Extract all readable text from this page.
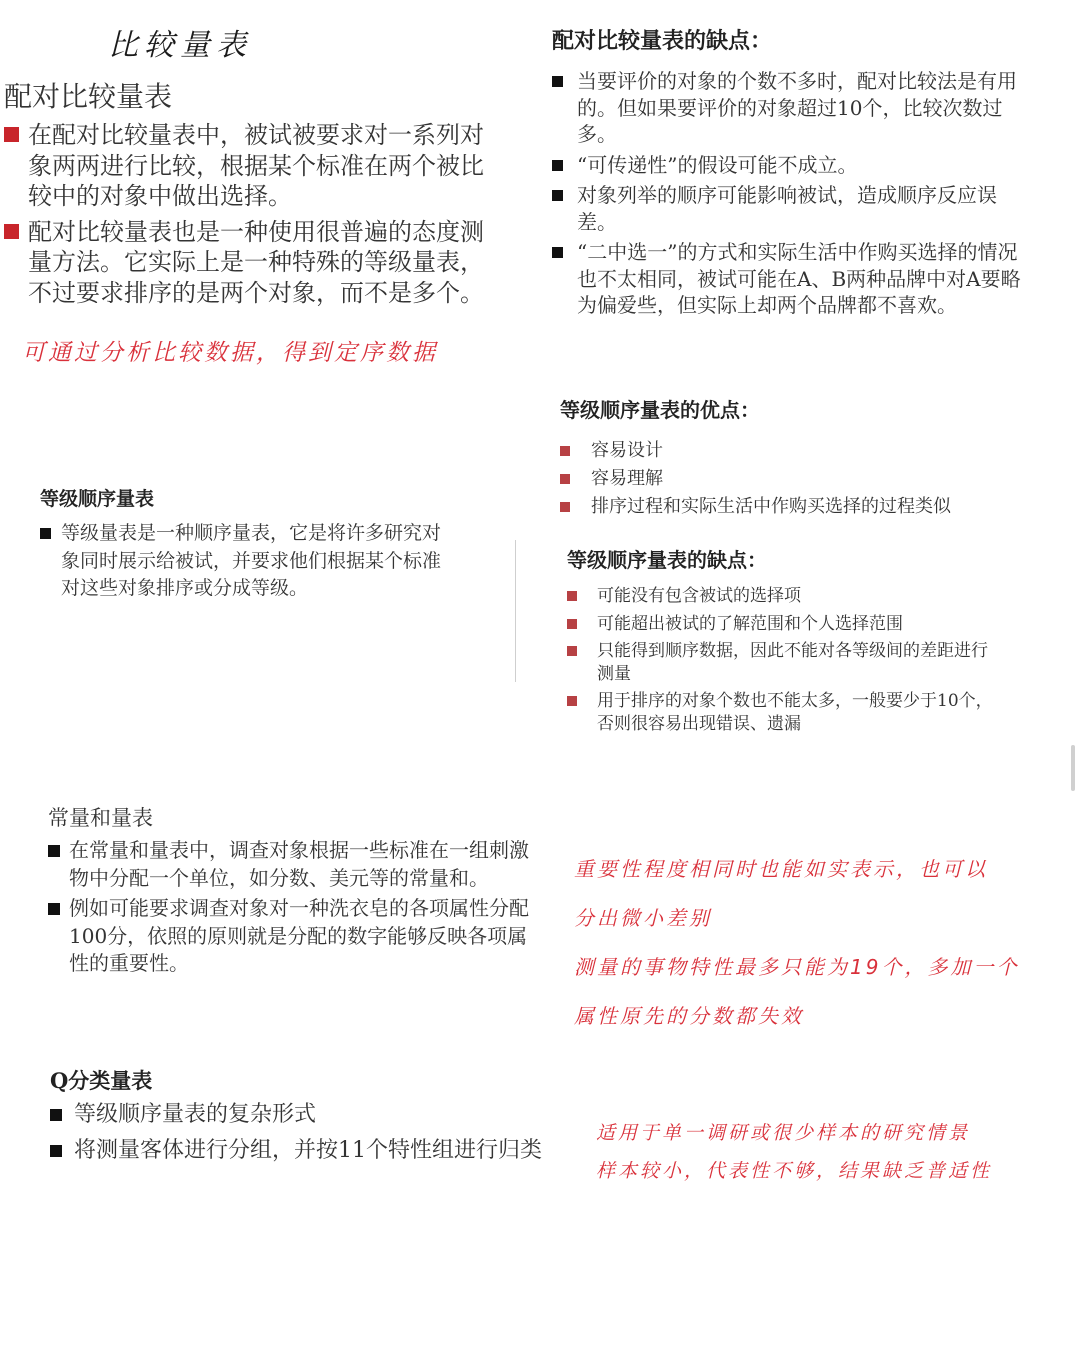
比较量表
配对比较量表
在配对比较量表中，被试被要求对一系列对象两两进行比较，根据某个标准在两个被比较中的对象中做出选择。
配对比较量表也是一种使用很普遍的态度测量方法。它实际上是一种特殊的等级量表，不过要求排序的是两个对象，而不是多个。
可通过分析比较数据，得到定序数据
配对比较量表的缺点：
当要评价的对象的个数不多时，配对比较法是有用的。但如果要评价的对象超过10个，比较次数过多。
“可传递性”的假设可能不成立。
对象列举的顺序可能影响被试，造成顺序反应误差。
“二中选一”的方式和实际生活中作购买选择的情况也不太相同，被试可能在A、B两种品牌中对A要略为偏爱些，但实际上却两个品牌都不喜欢。
等级顺序量表的优点：
容易设计
容易理解
排序过程和实际生活中作购买选择的过程类似
等级顺序量表
等级量表是一种顺序量表，它是将许多研究对象同时展示给被试，并要求他们根据某个标准对这些对象排序或分成等级。
等级顺序量表的缺点：
可能没有包含被试的选择项
可能超出被试的了解范围和个人选择范围
只能得到顺序数据，因此不能对各等级间的差距进行测量
用于排序的对象个数也不能太多，一般要少于10个，否则很容易出现错误、遗漏
常量和量表
在常量和量表中，调查对象根据一些标准在一组刺激物中分配一个单位，如分数、美元等的常量和。
例如可能要求调查对象对一种洗衣皂的各项属性分配100分，依照的原则就是分配的数字能够反映各项属性的重要性。
重要性程度相同时也能如实表示，也可以
分出微小差别
测量的事物特性最多只能为19个，多加一个
属性原先的分数都失效
Q分类量表
等级顺序量表的复杂形式
将测量客体进行分组，并按11个特性组进行归类
适用于单一调研或很少样本的研究情景
样本较小，代表性不够，结果缺乏普适性
